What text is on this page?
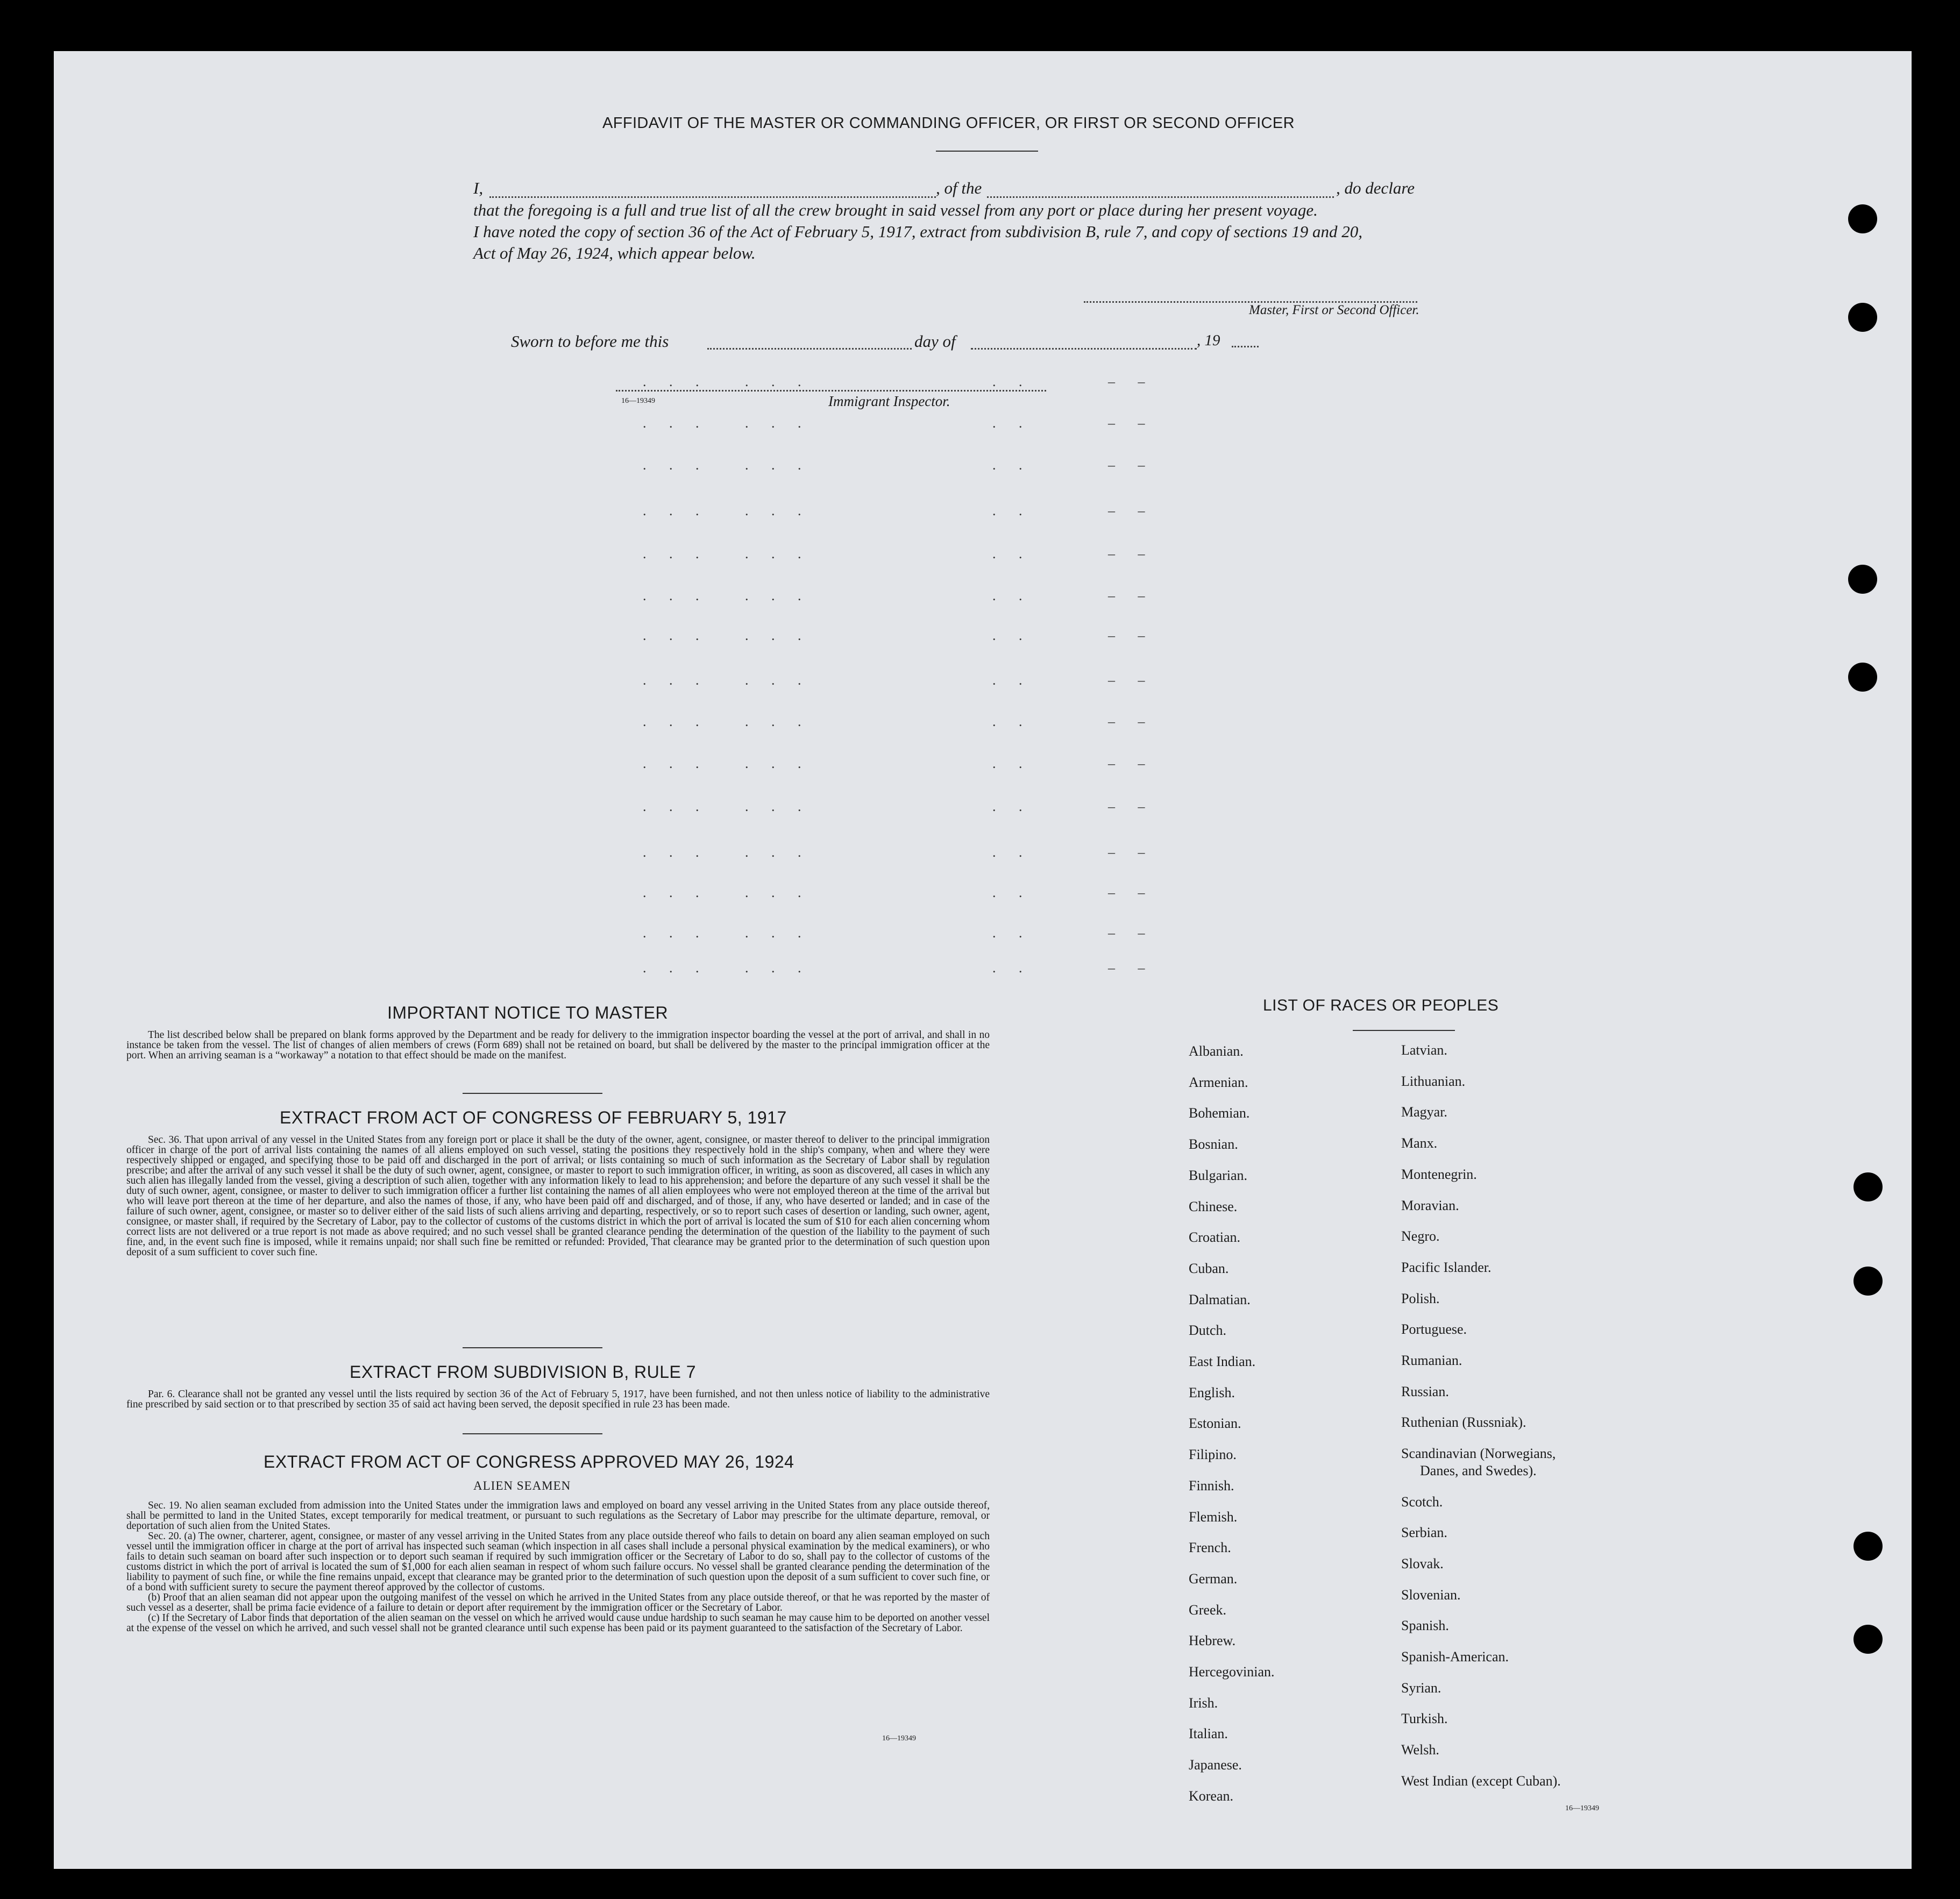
AFFIDAVIT OF THE MASTER OR COMMANDING OFFICER, OR FIRST OR SECOND OFFICER
I,	, of the	, do declare
that the foregoing is a full and true list of all the crew brought in said vessel from any port or place during her present voyage.
I have noted the copy of section 36 of the Act of February 5, 1917, extract from subdivision B, rule 7, and copy of sections 19 and 20,
Act of May 26, 1924, which appear below.
Master, First or Second Officer.
Sworn to before me this	day of	, 19
16—19349	Immigrant Inspector.
. . .	. . .	. .	– –
. . .	. . .	. .	– –
. . .	. . .	. .	– –
. . .	. . .	. .	– –
. . .	. . .	. .	– –
. . .	. . .	. .	– –
. . .	. . .	. .	– –
. . .	. . .	. .	– –
. . .	. . .	. .	– –
. . .	. . .	. .	– –
. . .	. . .	. .	– –
. . .	. . .	. .	– –
. . .	. . .	. .	– –
. . .	. . .	. .	– –
. . .	. . .	. .	– –
IMPORTANT NOTICE TO MASTER

The list described below shall be prepared on blank forms approved by the Department and be ready for delivery to the immigration inspector boarding the vessel at the port of arrival, and shall in no instance be taken from the vessel. The list of changes of alien members of crews (Form 689) shall not be retained on board, but shall be delivered by the master to the principal immigration officer at the port. When an arriving seaman is a “workaway” a notation to that effect should be made on the manifest.

EXTRACT FROM ACT OF CONGRESS OF FEBRUARY 5, 1917

Sec. 36. That upon arrival of any vessel in the United States from any foreign port or place it shall be the duty of the owner, agent, consignee, or master thereof to deliver to the principal immigration officer in charge of the port of arrival lists containing the names of all aliens employed on such vessel, stating the positions they respectively hold in the ship's company, when and where they were respectively shipped or engaged, and specifying those to be paid off and discharged in the port of arrival; or lists containing so much of such information as the Secretary of Labor shall by regulation prescribe; and after the arrival of any such vessel it shall be the duty of such owner, agent, consignee, or master to report to such immigration officer, in writing, as soon as discovered, all cases in which any such alien has illegally landed from the vessel, giving a description of such alien, together with any information likely to lead to his apprehension; and before the departure of any such vessel it shall be the duty of such owner, agent, consignee, or master to deliver to such immigration officer a further list containing the names of all alien employees who were not employed thereon at the time of the arrival but who will leave port thereon at the time of her departure, and also the names of those, if any, who have been paid off and discharged, and of those, if any, who have deserted or landed; and in case of the failure of such owner, agent, consignee, or master so to deliver either of the said lists of such aliens arriving and departing, respectively, or so to report such cases of desertion or landing, such owner, agent, consignee, or master shall, if required by the Secretary of Labor, pay to the collector of customs of the customs district in which the port of arrival is located the sum of $10 for each alien concerning whom correct lists are not delivered or a true report is not made as above required; and no such vessel shall be granted clearance pending the determination of the question of the liability to the payment of such fine, and, in the event such fine is imposed, while it remains unpaid; nor shall such fine be remitted or refunded: Provided, That clearance may be granted prior to the determination of such question upon deposit of a sum sufficient to cover such fine.

EXTRACT FROM SUBDIVISION B, RULE 7

Par. 6. Clearance shall not be granted any vessel until the lists required by section 36 of the Act of February 5, 1917, have been furnished, and not then unless notice of liability to the administrative fine prescribed by said section or to that prescribed by section 35 of said act having been served, the deposit specified in rule 23 has been made.

EXTRACT FROM ACT OF CONGRESS APPROVED MAY 26, 1924
ALIEN SEAMEN

Sec. 19. No alien seaman excluded from admission into the United States under the immigration laws and employed on board any vessel arriving in the United States from any place outside thereof, shall be permitted to land in the United States, except temporarily for medical treatment, or pursuant to such regulations as the Secretary of Labor may prescribe for the ultimate departure, removal, or deportation of such alien from the United States.

Sec. 20. (a) The owner, charterer, agent, consignee, or master of any vessel arriving in the United States from any place outside thereof who fails to detain on board any alien seaman employed on such vessel until the immigration officer in charge at the port of arrival has inspected such seaman (which inspection in all cases shall include a personal physical examination by the medical examiners), or who fails to detain such seaman on board after such inspection or to deport such seaman if required by such immigration officer or the Secretary of Labor to do so, shall pay to the collector of customs of the customs district in which the port of arrival is located the sum of $1,000 for each alien seaman in respect of whom such failure occurs. No vessel shall be granted clearance pending the determination of the liability to payment of such fine, or while the fine remains unpaid, except that clearance may be granted prior to the determination of such question upon the deposit of a sum sufficient to cover such fine, or of a bond with sufficient surety to secure the payment thereof approved by the collector of customs.

(b) Proof that an alien seaman did not appear upon the outgoing manifest of the vessel on which he arrived in the United States from any place outside thereof, or that he was reported by the master of such vessel as a deserter, shall be prima facie evidence of a failure to detain or deport after requirement by the immigration officer or the Secretary of Labor.

(c) If the Secretary of Labor finds that deportation of the alien seaman on the vessel on which he arrived would cause undue hardship to such seaman he may cause him to be deported on another vessel at the expense of the vessel on which he arrived, and such vessel shall not be granted clearance until such expense has been paid or its payment guaranteed to the satisfaction of the Secretary of Labor.

16—19349
LIST OF RACES OR PEOPLES
Albanian.
Armenian.
Bohemian.
Bosnian.
Bulgarian.
Chinese.
Croatian.
Cuban.
Dalmatian.
Dutch.
East Indian.
English.
Estonian.
Filipino.
Finnish.
Flemish.
French.
German.
Greek.
Hebrew.
Hercegovinian.
Irish.
Italian.
Japanese.
Korean.
Latvian.
Lithuanian.
Magyar.
Manx.
Montenegrin.
Moravian.
Negro.
Pacific Islander.
Polish.
Portuguese.
Rumanian.
Russian.
Ruthenian (Russniak).
Scandinavian (Norwegians,
Danes, and Swedes).
Scotch.
Serbian.
Slovak.
Slovenian.
Spanish.
Spanish-American.
Syrian.
Turkish.
Welsh.
West Indian (except Cuban).
16—19349
